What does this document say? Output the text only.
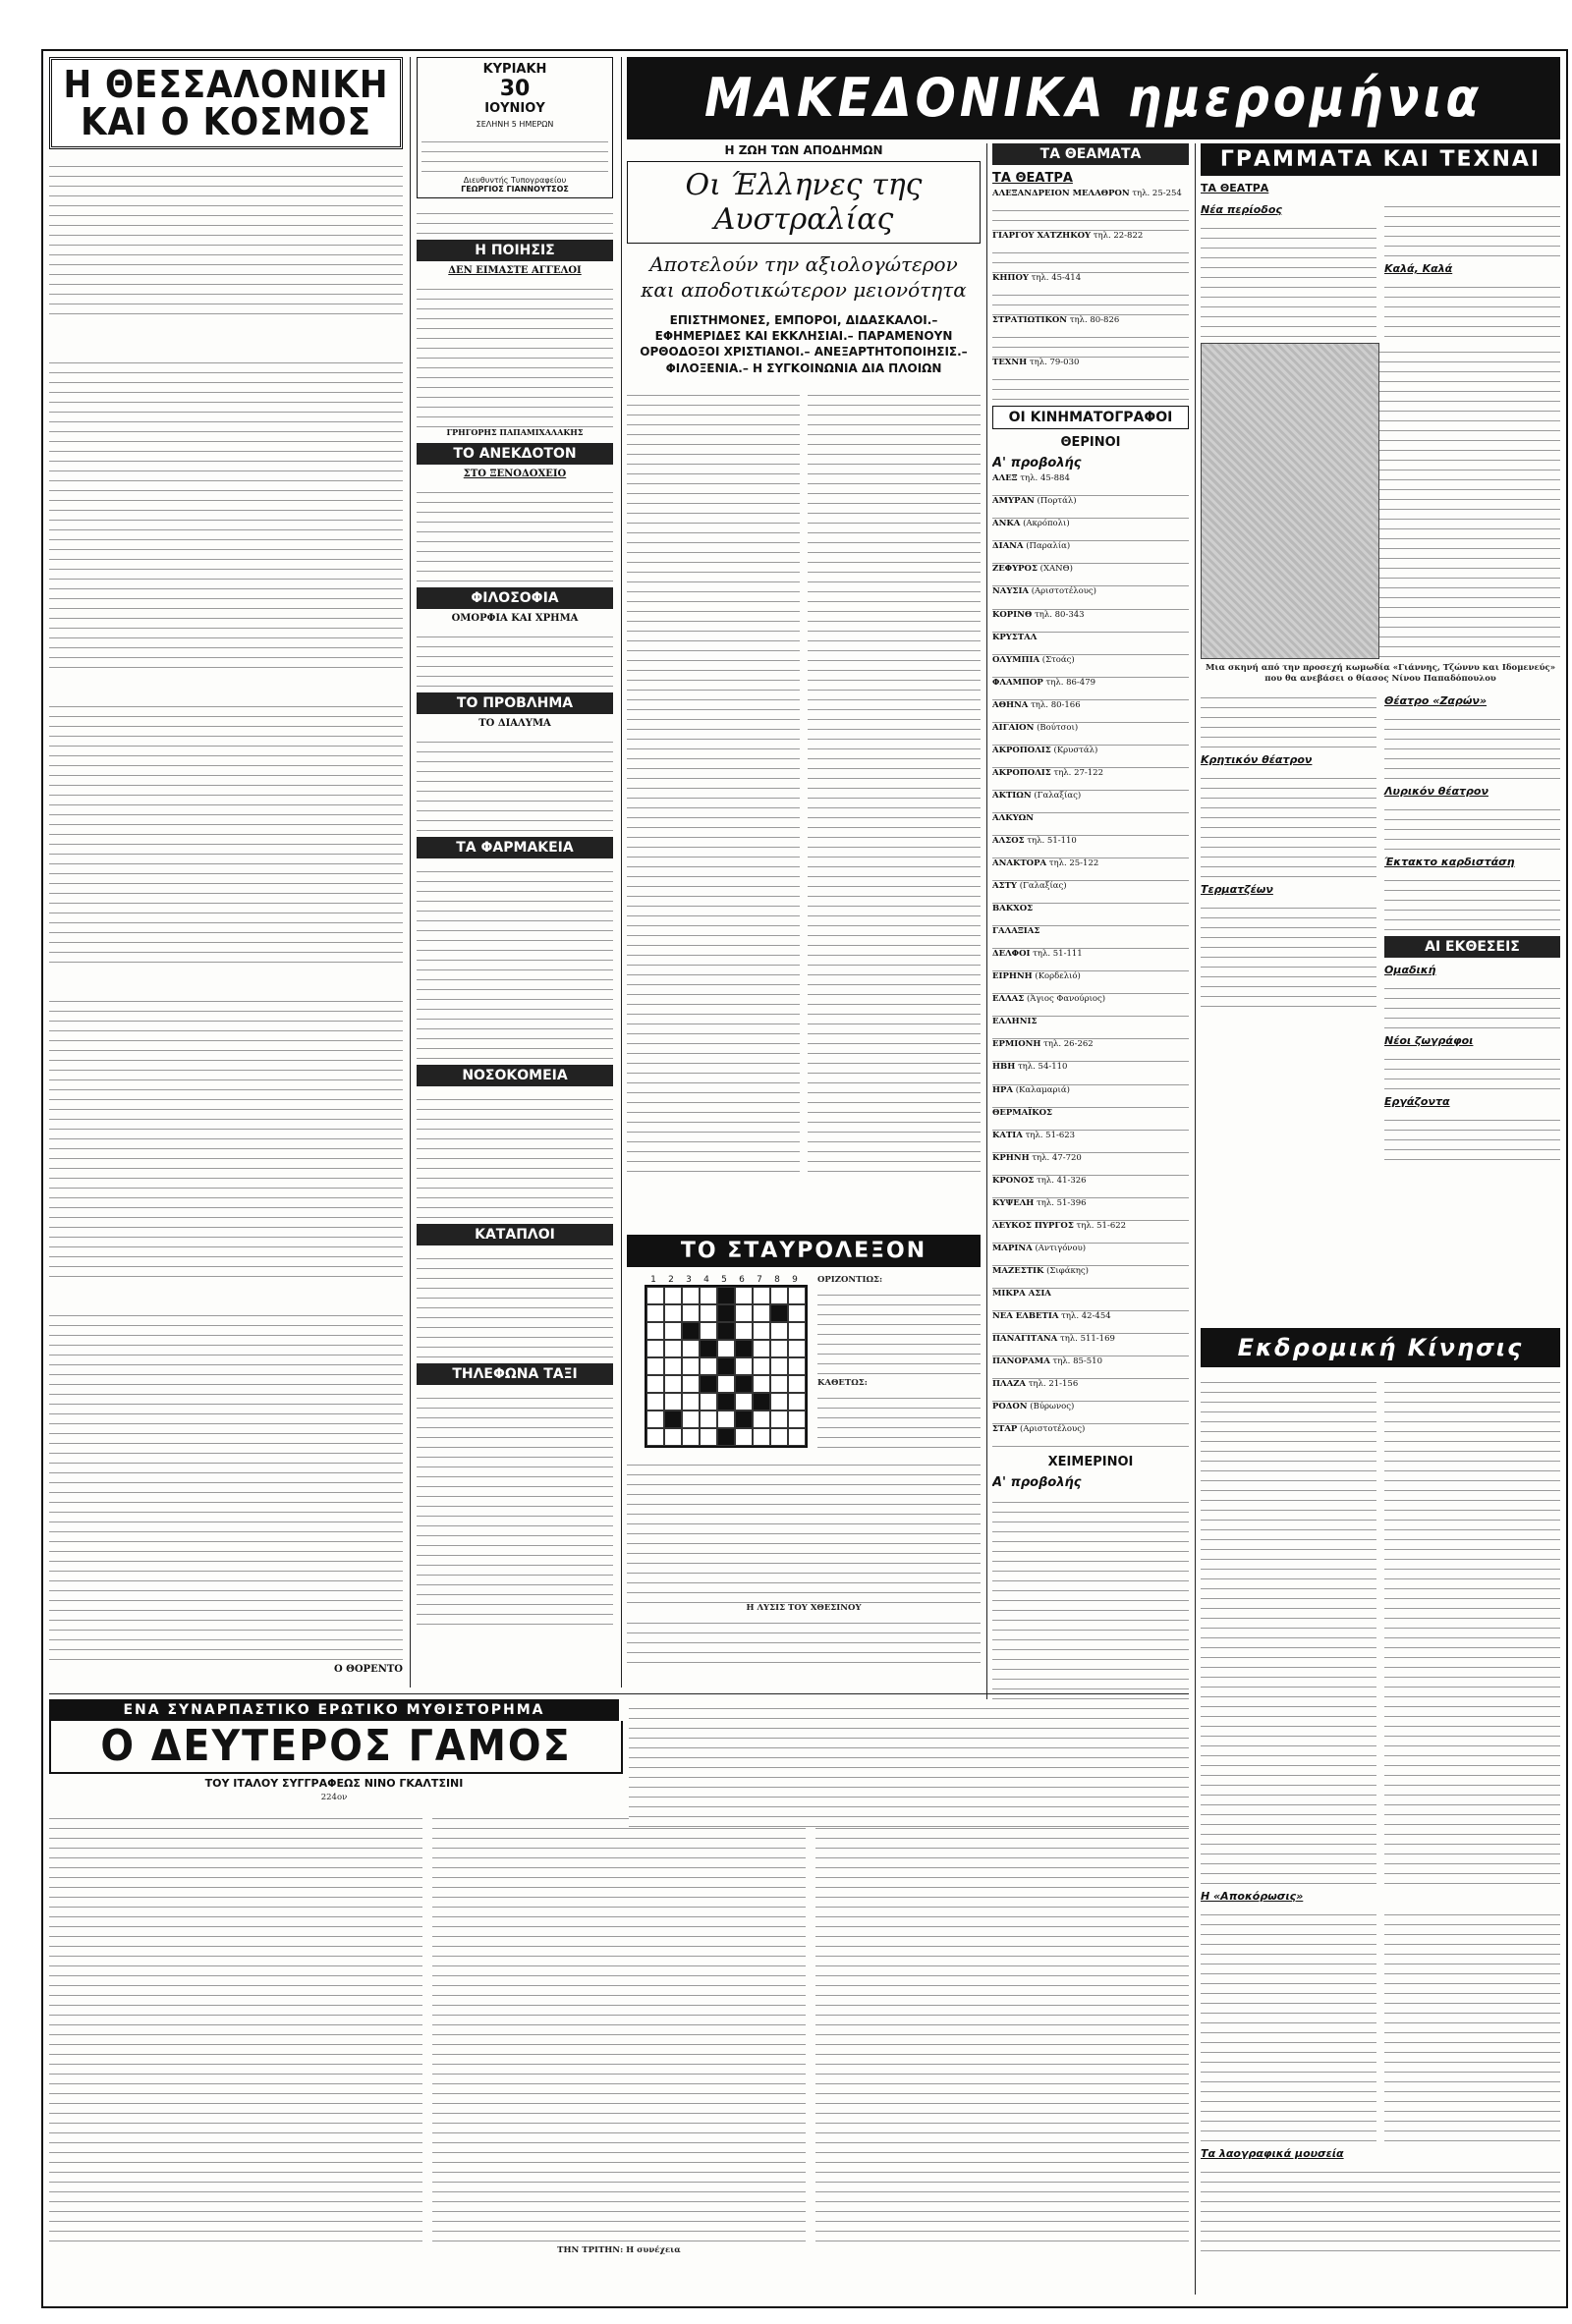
Η ΘΕΣΣΑΛΟΝΙΚΗ
ΚΑΙ Ο ΚΟΣΜΟΣ
Ο ΘΟΡΕΝΤΟ
ΚΥΡΙΑΚΗ
30
ΙΟΥΝΙΟΥ
ΣΕΛΗΝΗ 5 ΗΜΕΡΩΝ
Διευθυντής Τυπογραφείου
ΓΕΩΡΓΙΟΣ ΓΙΑΝΝΟΥΤΣΟΣ
Η ΠΟΙΗΣΙΣ
ΔΕΝ ΕΙΜΑΣΤΕ ΑΓΓΕΛΟΙ
ΓΡΗΓΟΡΗΣ ΠΑΠΑΜΙΧΑΛΑΚΗΣ
ΤΟ ΑΝΕΚΔΟΤΟΝ
ΣΤΟ ΞΕΝΟΔΟΧΕΙΟ
ΦΙΛΟΣΟΦΙΑ
ΟΜΟΡΦΙΑ ΚΑΙ ΧΡΗΜΑ
ΤΟ ΠΡΟΒΛΗΜΑ
ΤΟ ΔΙΑΛΥΜΑ
ΤΑ ΦΑΡΜΑΚΕΙΑ
ΝΟΣΟΚΟΜΕΙΑ
ΚΑΤΑΠΛΟΙ
ΤΗΛΕΦΩΝΑ ΤΑΞΙ
ΜΑΚΕΔΟΝΙΚΑ ημερομήνια
Η ΖΩΗ ΤΩΝ ΑΠΟΔΗΜΩΝ
Οι Έλληνες της Αυστραλίας
Αποτελούν την αξιολογώτερον
και αποδοτικώτερον μειονότητα
ΕΠΙΣΤΗΜΟΝΕΣ, ΕΜΠΟΡΟΙ, ΔΙΔΑΣΚΑΛΟΙ.– ΕΦΗΜΕΡΙΔΕΣ ΚΑΙ ΕΚΚΛΗΣΙΑΙ.– ΠΑΡΑΜΕΝΟΥΝ ΟΡΘΟΔΟΞΟΙ ΧΡΙΣΤΙΑΝΟΙ.– ΑΝΕΞΑΡΤΗΤΟΠΟΙΗΣΙΣ.– ΦΙΛΟΞΕΝΙΑ.– Η ΣΥΓΚΟΙΝΩΝΙΑ ΔΙΑ ΠΛΟΙΩΝ
ΤΟ ΣΤΑΥΡΟΛΕΞΟΝ
1	2	3	4	5	6	7	8	9	ΟΡΙΖΟΝΤΙΩΣ:
ΚΑΘΕΤΩΣ:
Η ΛΥΣΙΣ ΤΟΥ ΧΘΕΣΙΝΟΥ
ΤΑ ΘΕΑΜΑΤΑ
ΤΑ ΘΕΑΤΡΑ
ΑΛΕΞΑΝΔΡΕΙΟΝ ΜΕΛΑΘΡΟΝ τηλ. 25-254
ΓΙΑΡΓΟΥ ΧΑΤΖΗΚΟΥ τηλ. 22-822
ΚΗΠΟΥ τηλ. 45-414
ΣΤΡΑΤΙΩΤΙΚΟΝ τηλ. 80-826
ΤΕΧΝΗ τηλ. 79-030
ΟΙ ΚΙΝΗΜΑΤΟΓΡΑΦΟΙ
ΘΕΡΙΝΟΙ
Α' προβολής
ΑΛΕΞ τηλ. 45-884
ΑΜΥΡΑΝ (Πορτάλ)
ΑΝΚΑ (Ακρόπολι)
ΔΙΑΝΑ (Παραλία)
ΖΕΦΥΡΟΣ (ΧΑΝΘ)
ΝΑΥΣΙΑ (Αριστοτέλους)
ΚΟΡΙΝΘ τηλ. 80-343
ΚΡΥΣΤΑΛ
ΟΛΥΜΠΙΑ (Στοάς)
ΦΛΑΜΠΟΡ τηλ. 86-479
ΑΘΗΝΑ τηλ. 80-166
ΑΙΓΑΙΟΝ (Βούτσοι)
ΑΚΡΟΠΟΛΙΣ (Κρυστάλ)
ΑΚΡΟΠΟΛΙΣ τηλ. 27-122
ΑΚΤΙΩΝ (Γαλαξίας)
ΑΛΚΥΩΝ
ΑΛΣΟΣ τηλ. 51-110
ΑΝΑΚΤΟΡΑ τηλ. 25-122
ΑΣΤΥ (Γαλαξίας)
ΒΑΚΧΟΣ
ΓΑΛΑΞΙΑΣ
ΔΕΛΦΟΙ τηλ. 51-111
ΕΙΡΗΝΗ (Κορδελιό)
ΕΛΛΑΣ (Άγιος Φανούριος)
ΕΛΛΗΝΙΣ
ΕΡΜΙΟΝΗ τηλ. 26-262
ΗΒΗ τηλ. 54-110
ΗΡΑ (Καλαμαριά)
ΘΕΡΜΑΪΚΟΣ
ΚΑΤΙΑ τηλ. 51-623
ΚΡΗΝΗ τηλ. 47-720
ΚΡΟΝΟΣ τηλ. 41-326
ΚΥΨΕΛΗ τηλ. 51-396
ΛΕΥΚΟΣ ΠΥΡΓΟΣ τηλ. 51-622
ΜΑΡΙΝΑ (Αντιγόνου)
ΜΑΖΕΣΤΙΚ (Σιφάκης)
ΜΙΚΡΑ ΑΣΙΑ
ΝΕΑ ΕΛΒΕΤΙΑ τηλ. 42-454
ΠΑΝΑΓΙΤΑΝΑ τηλ. 511-169
ΠΑΝΟΡΑΜΑ τηλ. 85-510
ΠΛΑΖΑ τηλ. 21-156
ΡΟΔΟΝ (Βύρωνος)
ΣΤΑΡ (Αριστοτέλους)
ΧΕΙΜΕΡΙΝΟΙ
Α' προβολής
ΓΡΑΜΜΑΤΑ ΚΑΙ ΤΕΧΝΑΙ
ΤΑ ΘΕΑΤΡΑ
Νέα περίοδος
Καλά, Καλά
Μια σκηνή από την προσεχή κωμωδία «Γιάννης, Τζώννυ και Ιδομενεύς» που θα ανεβάσει ο θίασος Νίνου Παπαδόπουλου
Κρητικόν θέατρον
Τερματζέων
Θέατρο «Ζαρών»
Λυρικόν θέατρον
Έκτακτο καρδιστάση
ΑΙ ΕΚΘΕΣΕΙΣ
Ομαδική
Νέοι ζωγράφοι
Εργάζοντα
Εκδρομική Κίνησις
Η «Αποκόρωσις»
Τα λαογραφικά μουσεία
ΕΝΑ ΣΥΝΑΡΠΑΣΤΙΚΟ ΕΡΩΤΙΚΟ ΜΥΘΙΣΤΟΡΗΜΑ
Ο ΔΕΥΤΕΡΟΣ ΓΑΜΟΣ
ΤΟΥ ΙΤΑΛΟΥ ΣΥΓΓΡΑΦΕΩΣ ΝΙΝΟ ΓΚΑΛΤΣΙΝΙ
224ον
ΤΗΝ ΤΡΙΤΗΝ: Η συνέχεια
